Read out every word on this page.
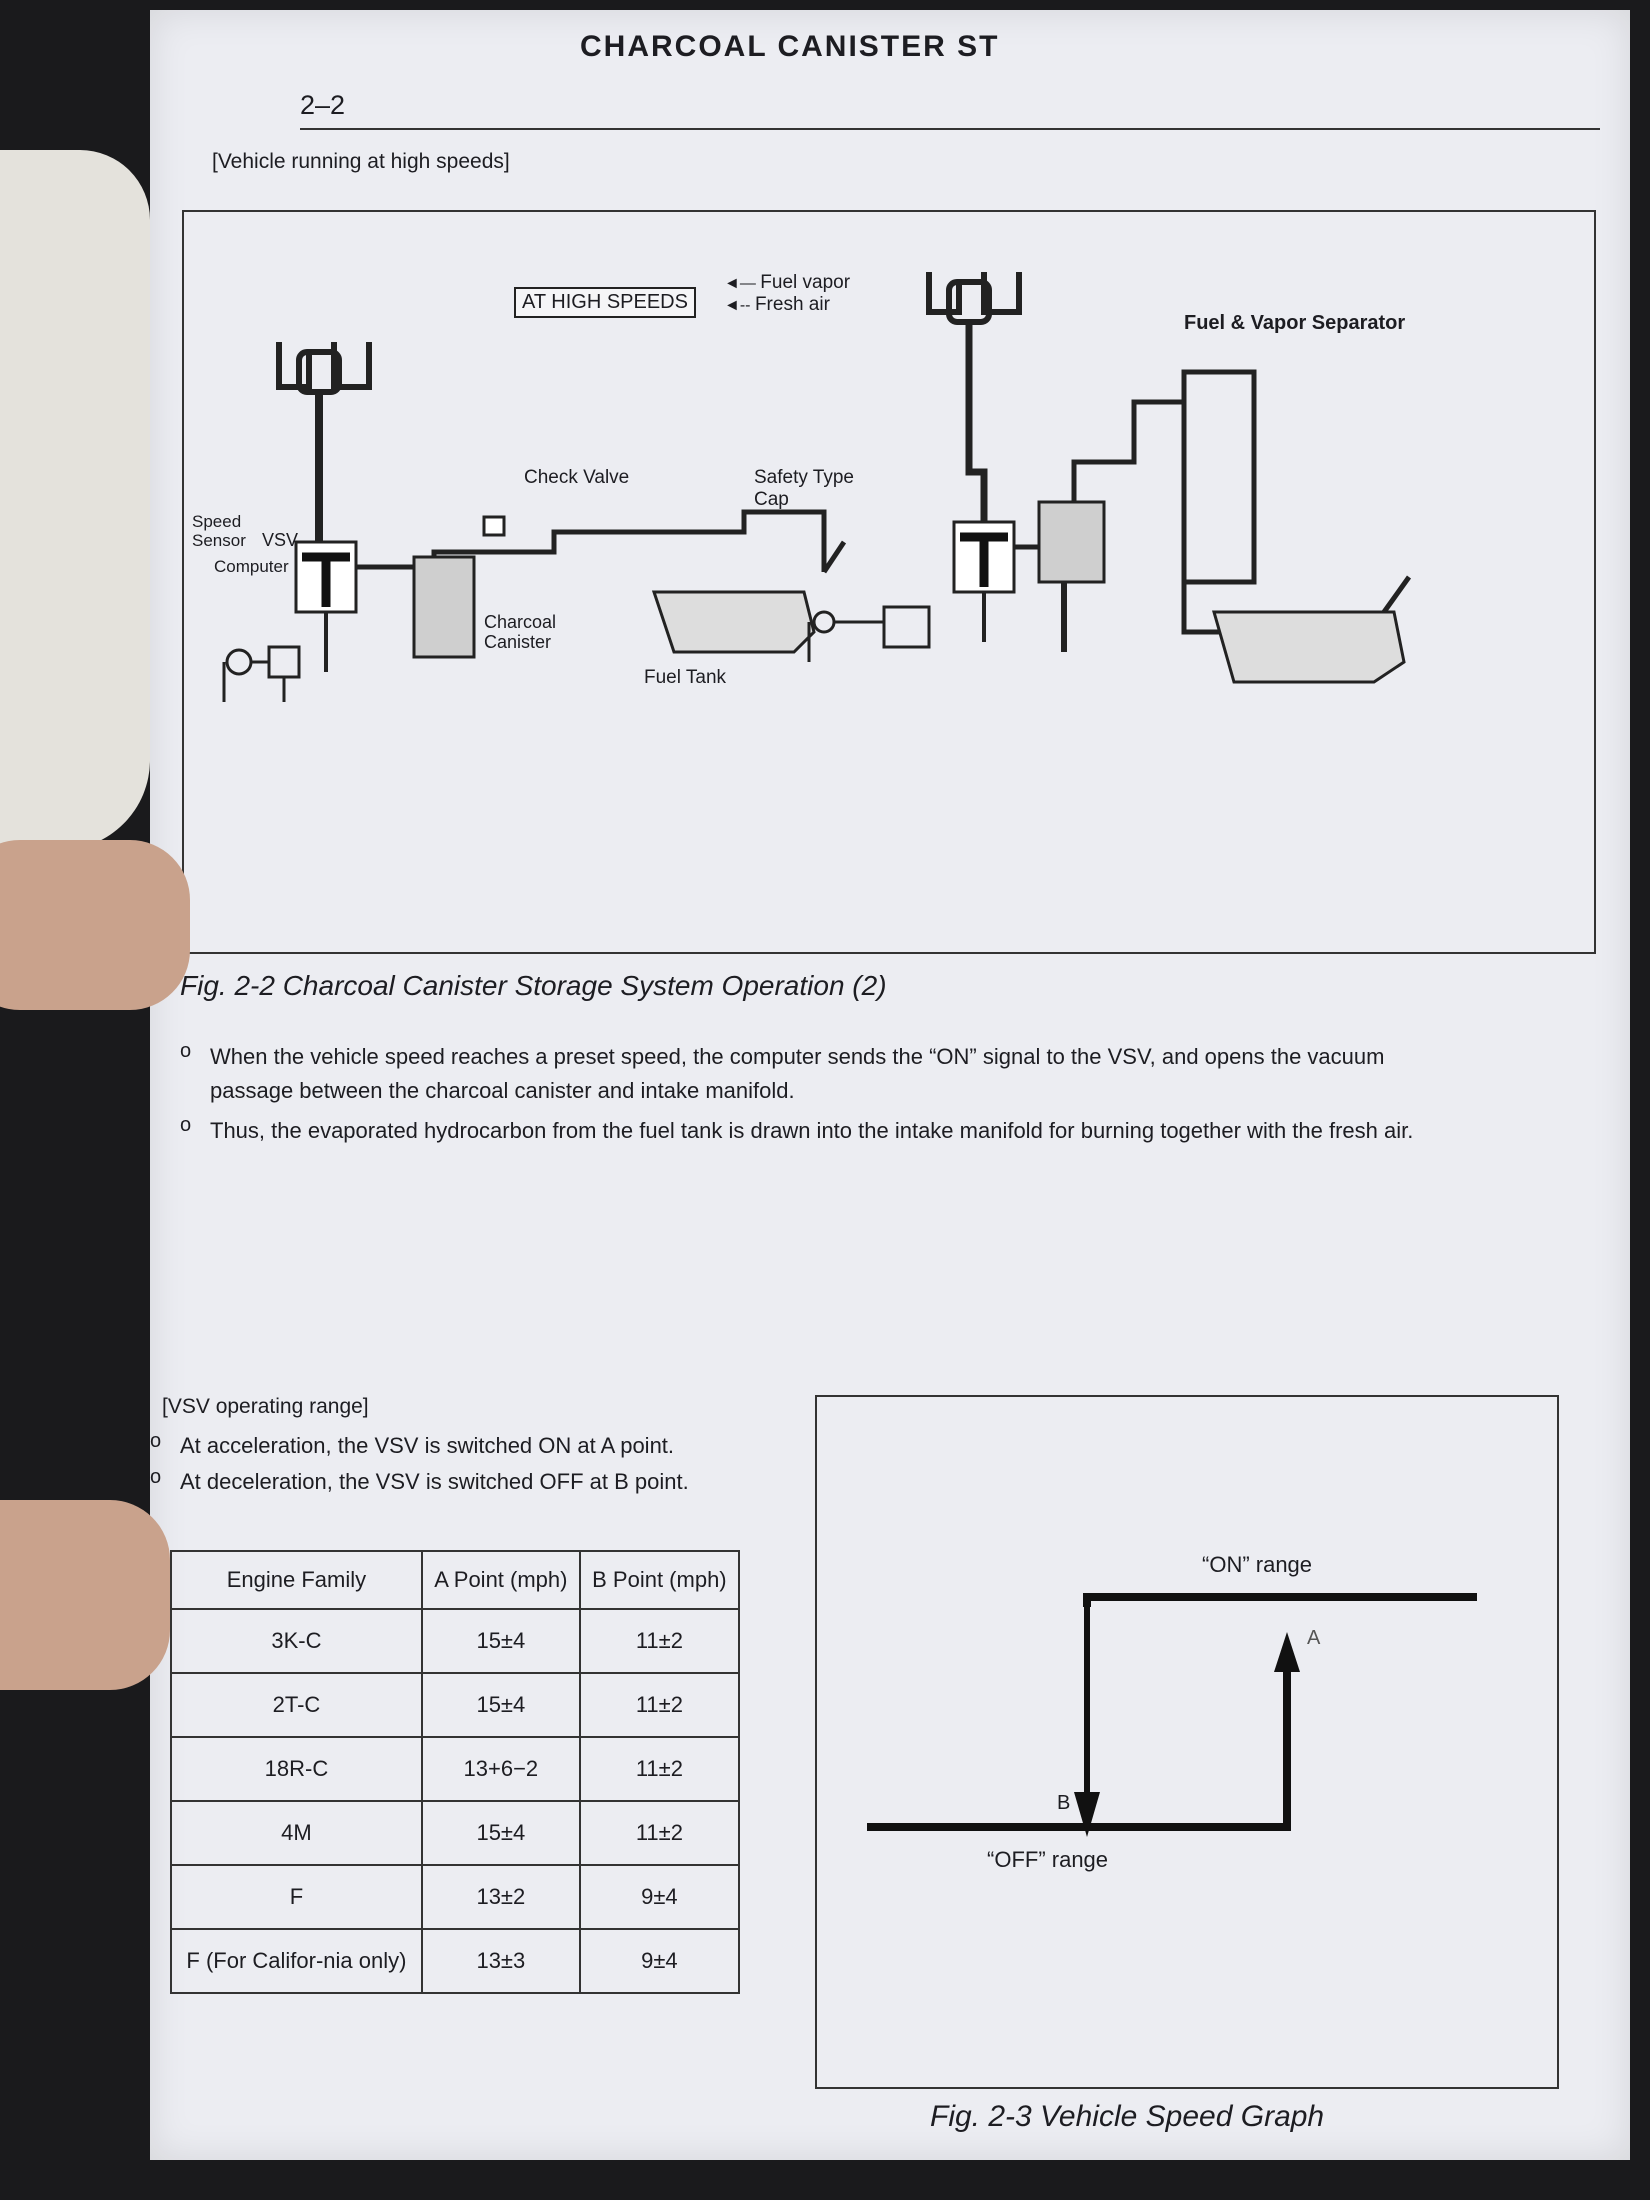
CHARCOAL CANISTER ST
2–2
[Vehicle running at high speeds]
AT HIGH SPEEDS
◄— Fuel vapor
◄-- Fresh air
Check Valve	Safety Type
Cap
Speed
Sensor VSV
Computer
Charcoal
Canister
Fuel Tank
Fuel & Vapor Separator
Fig. 2-2 Charcoal Canister Storage System Operation (2)
o When the vehicle speed reaches a preset speed, the computer sends the “ON” signal to the VSV, and opens the vacuum passage between the charcoal canister and intake manifold.
o Thus, the evaporated hydrocarbon from the fuel tank is drawn into the intake manifold for burning together with the fresh air.
[VSV operating range]
o At acceleration, the VSV is switched ON at A point.
o At deceleration, the VSV is switched OFF at B point.
Engine Family	A Point (mph)	B Point (mph)
3K-C	15±4	11±2
2T-C	15±4	11±2
18R-C	13+6−2	11±2
4M	15±4	11±2
F	13±2	9±4
F (For Califor-nia only)	13±3	9±4
“ON” range
“OFF” range
A
B
Fig. 2-3 Vehicle Speed Graph
